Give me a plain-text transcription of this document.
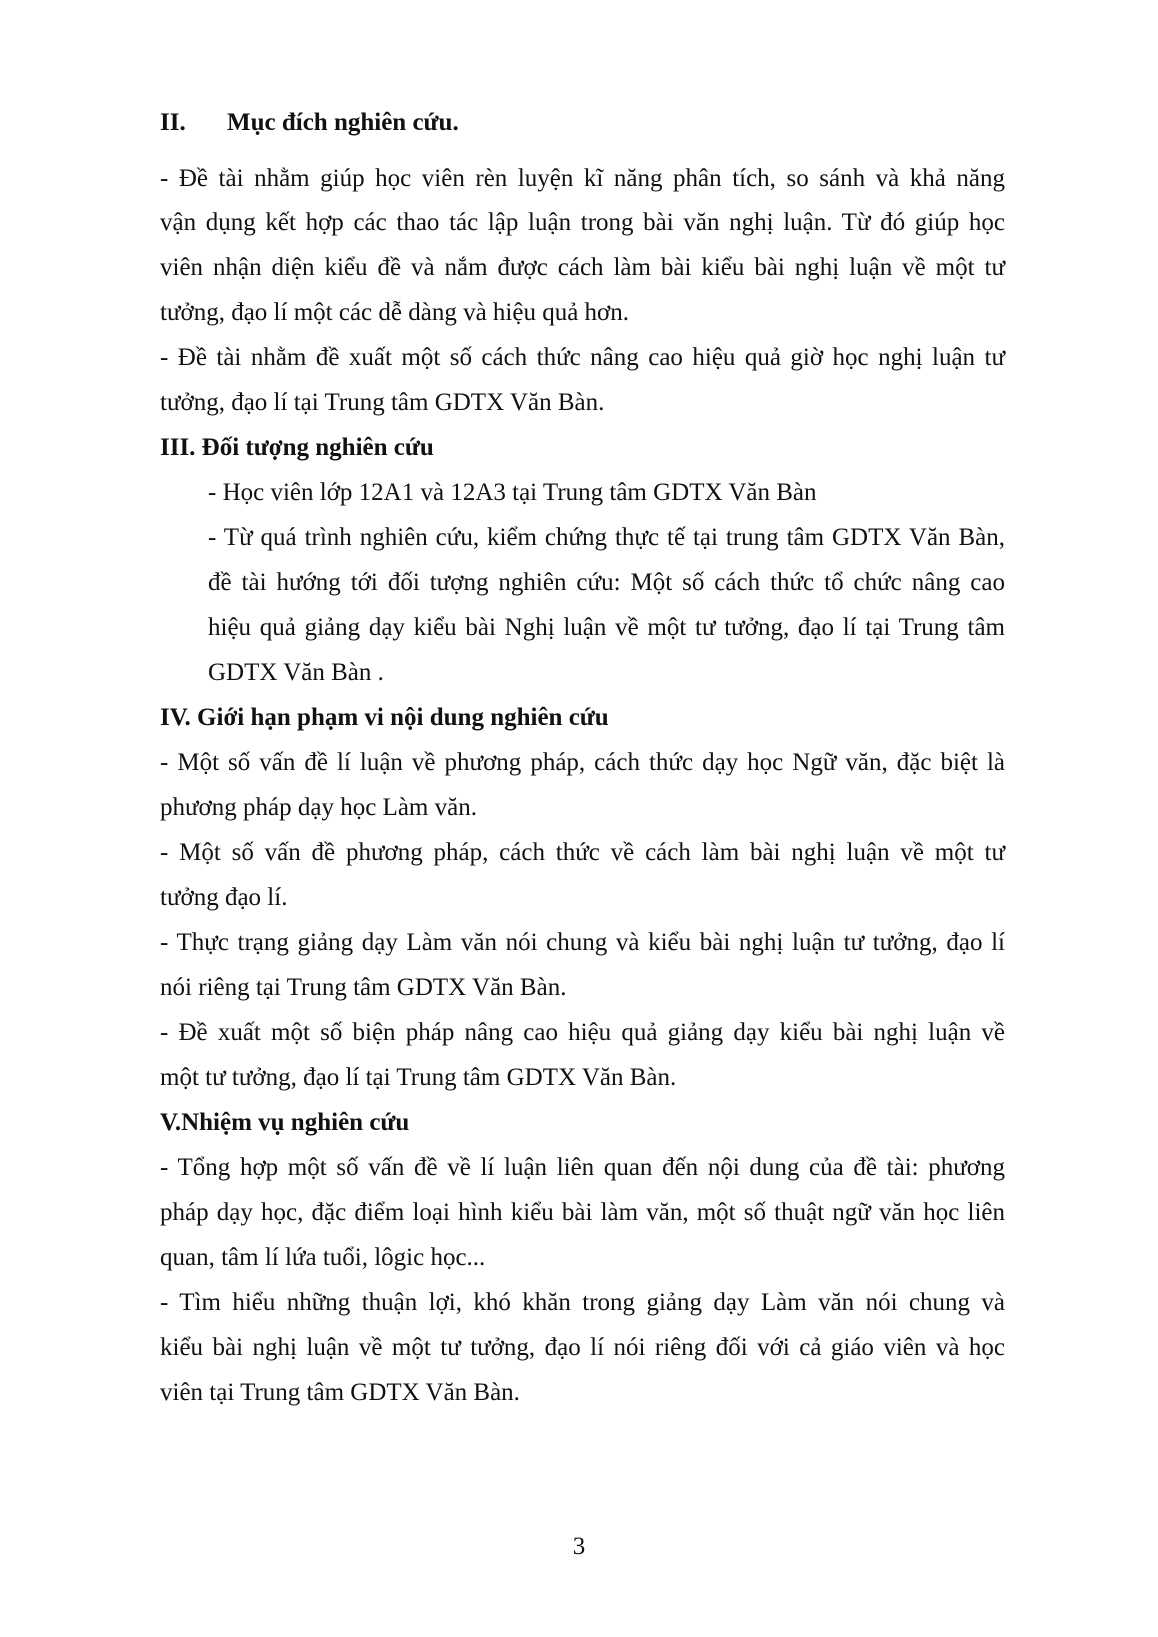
II. Mục đích nghiên cứu.

- Đề tài nhằm giúp học viên rèn luyện kĩ năng phân tích, so sánh và khả năng

vận dụng kết hợp các thao tác lập luận trong bài văn nghị luận. Từ đó giúp học

viên nhận diện kiểu đề và nắm được cách làm bài kiểu bài nghị luận về một tư

tưởng, đạo lí một các dễ dàng và hiệu quả hơn.

- Đề tài nhằm đề xuất một số cách thức nâng cao hiệu quả giờ học nghị luận tư

tưởng, đạo lí tại Trung tâm GDTX Văn Bàn.

III. Đối tượng nghiên cứu

- Học viên lớp 12A1 và 12A3 tại Trung tâm GDTX Văn Bàn

- Từ quá trình nghiên cứu, kiểm chứng thực tế tại trung tâm GDTX Văn Bàn,

đề tài hướng tới đối tượng nghiên cứu: Một số cách thức tổ chức nâng cao

hiệu quả giảng dạy kiểu bài Nghị luận về một tư tưởng, đạo lí tại Trung tâm

GDTX Văn Bàn .

IV. Giới hạn phạm vi nội dung nghiên cứu

- Một số vấn đề lí luận về phương pháp, cách thức dạy học Ngữ văn, đặc biệt là

phương pháp dạy học Làm văn.

- Một số vấn đề phương pháp, cách thức về cách làm bài nghị luận về một tư

tưởng đạo lí.

- Thực trạng giảng dạy Làm văn nói chung và kiểu bài nghị luận tư tưởng, đạo lí

nói riêng tại Trung tâm GDTX Văn Bàn.

- Đề xuất một số biện pháp nâng cao hiệu quả giảng dạy kiểu bài nghị luận về

một tư tưởng, đạo lí tại Trung tâm GDTX Văn Bàn.

V.Nhiệm vụ nghiên cứu

- Tổng hợp một số vấn đề về lí luận liên quan đến nội dung của đề tài: phương

pháp dạy học, đặc điểm loại hình kiểu bài làm văn, một số thuật ngữ văn học liên

quan, tâm lí lứa tuổi, lôgic học...

- Tìm hiểu những thuận lợi, khó khăn trong giảng dạy Làm văn nói chung và

kiểu bài nghị luận về một tư tưởng, đạo lí nói riêng đối với cả giáo viên và học

viên tại Trung tâm GDTX Văn Bàn.

3
